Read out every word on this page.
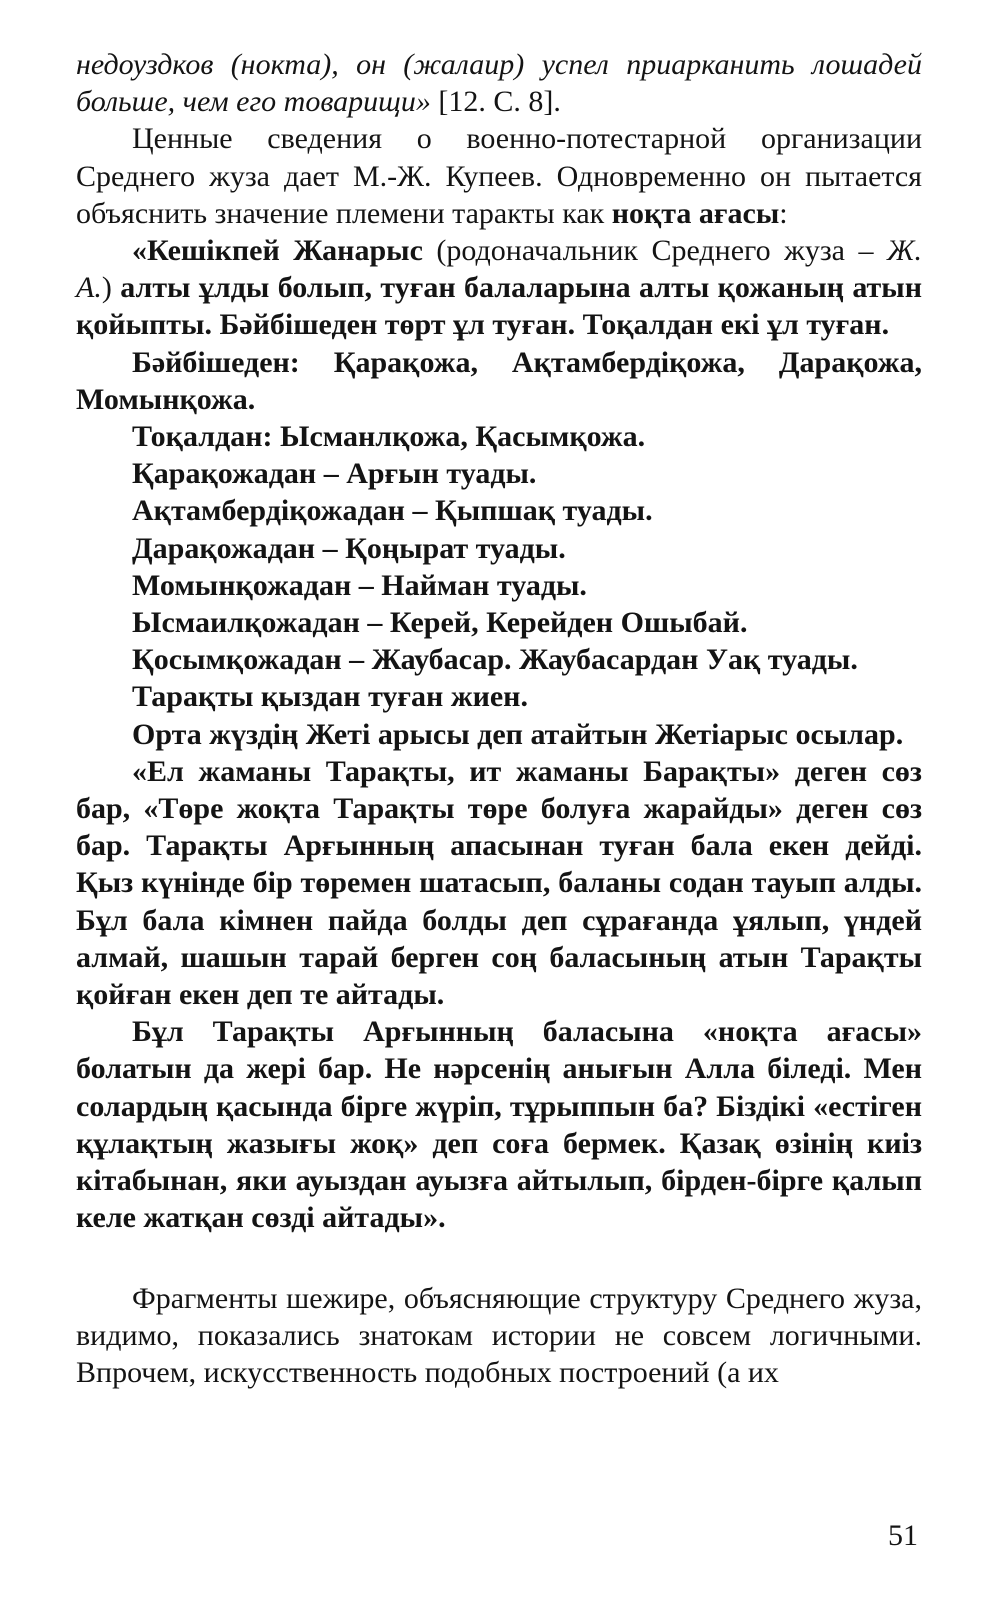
недоуздков (нокта), он (жалаир) успел приарканить лошадей больше, чем его товарищи» [12. С. 8].

Ценные сведения о военно-потестарной организации Среднего жуза дает М.-Ж. Купеев. Одновременно он пытается объяснить значение племени таракты как ноқта ағасы:

«Кешікпей Жанарыс (родоначальник Среднего жуза – Ж. А.) алты ұлды болып, туған балаларына алты қожаның атын қойыпты. Бәйбішеден төрт ұл туған. Тоқалдан екі ұл туған.

Бәйбішеден: Қарақожа, Ақтамбердіқожа, Дарақожа, Момынқожа.

Тоқалдан: Ысманлқожа, Қасымқожа.

Қарақожадан – Арғын туады.

Ақтамбердіқожадан – Қыпшақ туады.

Дарақожадан – Қоңырат туады.

Момынқожадан – Найман туады.

Ысмаилқожадан – Керей, Керейден Ошыбай.

Қосымқожадан – Жаубасар. Жаубасардан Уақ туады.

Тарақты қыздан туған жиен.

Орта жүздің Жеті арысы деп атайтын Жетіарыс осылар.

«Ел жаманы Тарақты, ит жаманы Барақты» деген сөз бар, «Төре жоқта Тарақты төре болуға жарайды» деген сөз бар. Тарақты Арғынның апасынан туған бала екен дейді. Қыз күнінде бір төремен шатасып, баланы содан тауып алды. Бұл бала кімнен пайда болды деп сұрағанда ұялып, үндей алмай, шашын тарай берген соң баласының атын Тарақты қойған екен деп те айтады.

Бұл Тарақты Арғынның баласына «ноқта ағасы» болатын да жері бар. Не нәрсенің анығын Алла біледі. Мен солардың қасында бірге жүріп, тұрыппын ба? Біздікі «естіген құлақтың жазығы жоқ» деп соға бермек. Қазақ өзінің киіз кітабынан, яки ауыздан ауызға айтылып, бірден-бірге қалып келе жатқан сөзді айтады».

Фрагменты шежире, объясняющие структуру Среднего жуза, видимо, показались знатокам истории не совсем логичными. Впрочем, искусственность подобных построений (а их

51
